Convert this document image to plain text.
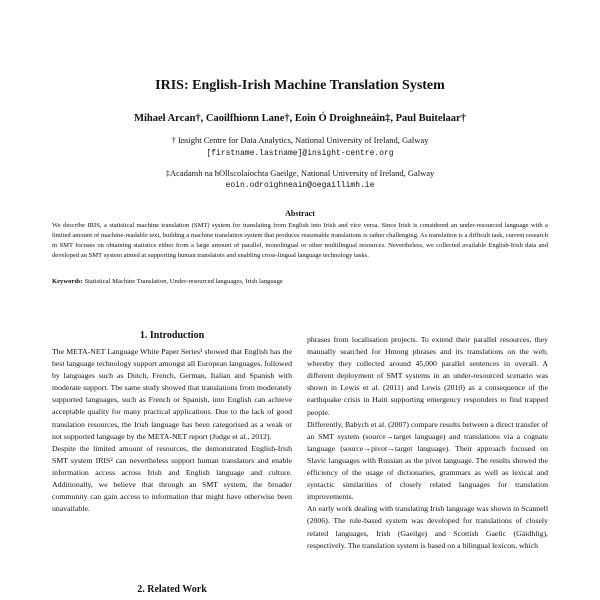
IRIS: English-Irish Machine Translation System
Mihael Arcan†, Caoilfhionn Lane†, Eoin Ó Droighneáin‡, Paul Buitelaar†
† Insight Centre for Data Analytics, National University of Ireland, Galway
[firstname.lastname]@insight-centre.org
‡Acadamh na hOllscolaíochta Gaeilge, National University of Ireland, Galway
eoin.odroighneain@oegaillimh.ie
Abstract
We describe IRIS, a statistical machine translation (SMT) system for translating from English into Irish and vice versa. Since Irish is considered an under-resourced language with a limited amount of machine-readable text, building a machine translation system that produces reasonable translations is rather challenging. As translation is a difficult task, current research in SMT focuses on obtaining statistics either from a large amount of parallel, monolingual or other multilingual resources. Nevertheless, we collected available English-Irish data and developed an SMT system aimed at supporting human translators and enabling cross-lingual language technology tasks.
Keywords: Statistical Machine Translation, Under-resourced languages, Irish language
1. Introduction

The META-NET Language White Paper Series¹ showed that English has the best language technology support amongst all European languages, followed by languages such as Dutch, French, German, Italian and Spanish with moderate support. The same study showed that translations from moderately supported languages, such as French or Spanish, into English can achieve acceptable quality for many practical applications. Due to the lack of good translation resources, the Irish language has been categorised as a weak or not supported language by the META-NET report (Judge et al., 2012).

Despite the limited amount of resources, the demonstrated English-Irish SMT system IRIS² can nevertheless support human translators and enable information access across Irish and English language and culture. Additionally, we believe that through an SMT system, the broader community can gain access to information that might have otherwise been unavailable.

2. Related Work

phrases from localisation projects. To extend their parallel resources, they manually searched for Hmong phrases and its translations on the web, whereby they collected around 45,000 parallel sentences in overall. A different deployment of SMT systems in an under-resourced scenario was shown in Lewis et al. (2011) and Lewis (2010) as a consequence of the earthquake crisis in Haiti supporting emergency responders to find trapped people.

Differently, Babych et al. (2007) compare results between a direct transfer of an SMT system (source→target language) and translations via a cognate language (source→pivot→target language). Their approach focused on Slavic languages with Russian as the pivot language. The results showed the efficiency of the usage of dictionaries, grammars as well as lexical and syntactic similarities of closely related languages for translation improvements.

An early work dealing with translating Irish language was shown in Scannell (2006). The rule-based system was developed for translations of closely related languages, Irish (Gaeilge) and Scottish Gaelic (Gàidhlig), respectively. The translation system is based on a bilingual lexicon, which
